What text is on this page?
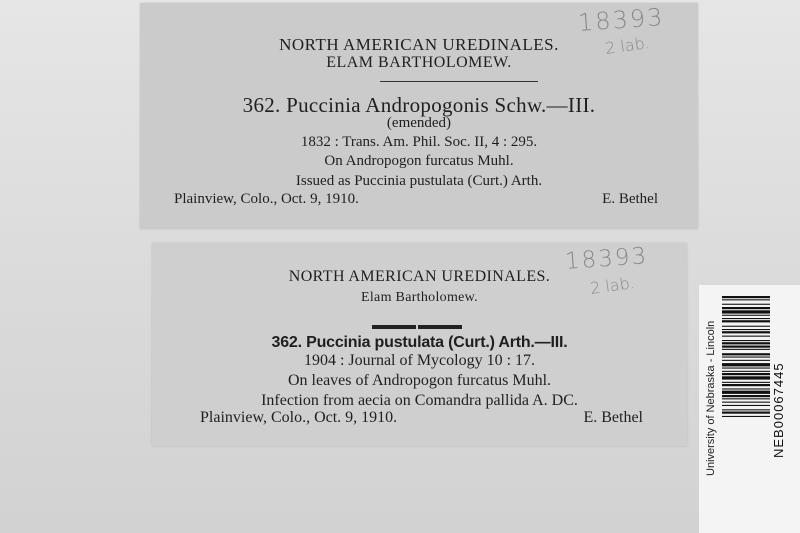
NORTH AMERICAN UREDINALES.
ELAM BARTHOLOMEW.
362. Puccinia Andropogonis Schw.—III.
(emended)
1832 : Trans. Am. Phil. Soc. II, 4 : 295.
On Andropogon furcatus Muhl.
Issued as Puccinia pustulata (Curt.) Arth.
Plainview, Colo., Oct. 9, 1910.	E. Bethel
NORTH AMERICAN UREDINALES.
Elam Bartholomew.
362. Puccinia pustulata (Curt.) Arth.—III.
1904 : Journal of Mycology 10 : 17.
On leaves of Andropogon furcatus Muhl.
Infection from aecia on Comandra pallida A. DC.
Plainview, Colo., Oct. 9, 1910.	E. Bethel
18393
2 lab.
18393
2 lab.
University of Nebraska - Lincoln	NEB00067445
